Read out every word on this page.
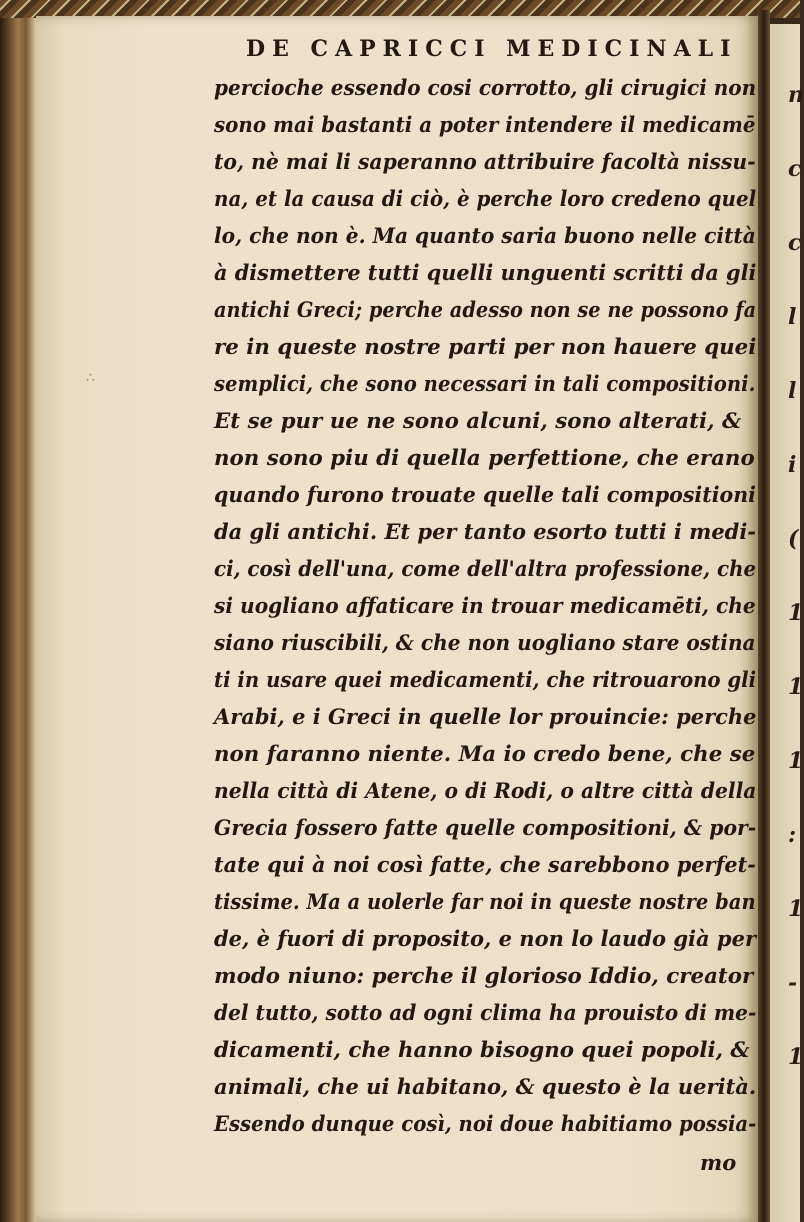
∴
DE CAPRICCI MEDICINALI
percioche essendo cosi corrotto, gli cirugici non
sono mai bastanti a poter intendere il medicamē
to, nè mai li saperanno attribuire facoltà nissu-
na, et la causa di ciò, è perche loro credeno quel
lo, che non è. Ma quanto saria buono nelle città
à dismettere tutti quelli unguenti scritti da gli
antichi Greci; perche adesso non se ne possono fa
re in queste nostre parti per non hauere quei
semplici, che sono necessari in tali compositioni.
Et se pur ue ne sono alcuni, sono alterati, &
non sono piu di quella perfettione, che erano
quando furono trouate quelle tali compositioni
da gli antichi. Et per tanto esorto tutti i medi-
ci, così dell'una, come dell'altra professione, che
si uogliano affaticare in trouar medicamēti, che
siano riuscibili, & che non uogliano stare ostina
ti in usare quei medicamenti, che ritrouarono gli
Arabi, e i Greci in quelle lor prouincie: perche
non faranno niente. Ma io credo bene, che se
nella città di Atene, o di Rodi, o altre città della
Grecia fossero fatte quelle compositioni, & por-
tate qui à noi così fatte, che sarebbono perfet-
tissime. Ma a uolerle far noi in queste nostre ban
de, è fuori di proposito, e non lo laudo già per
modo niuno: perche il glorioso Iddio, creator
del tutto, sotto ad ogni clima ha prouisto di me-
dicamenti, che hanno bisogno quei popoli, &
animali, che ui habitano, & questo è la uerità.
Essendo dunque così, noi doue habitiamo possia-
mo
n
c
c
l
l
i
(
1
1
1
:
1
-
1
